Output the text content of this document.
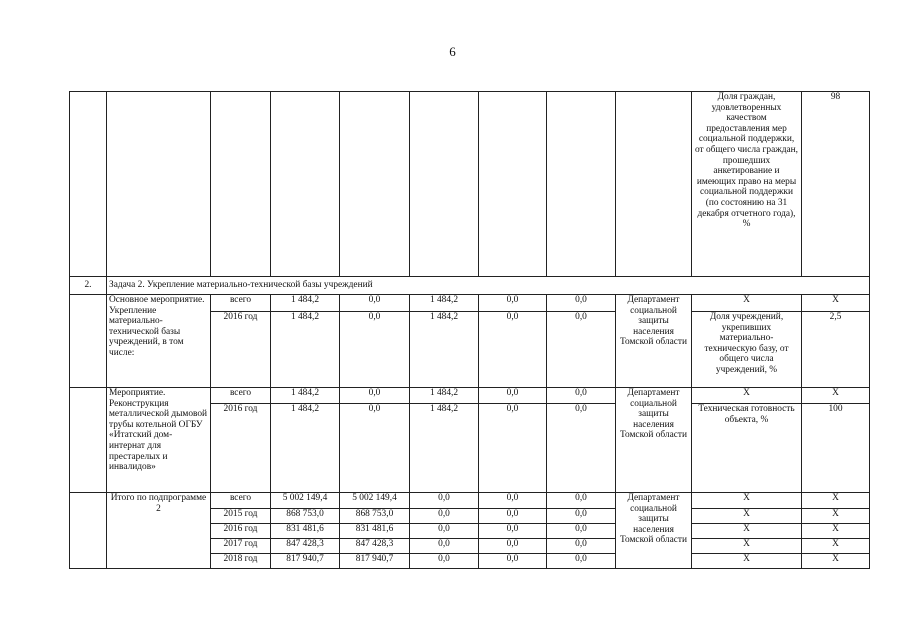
6
									Доля граждан, удовлетворенных качеством предоставления мер социальной поддержки, от общего числа граждан, прошедших анкетирование и имеющих право на меры социальной поддержки (по состоянию на 31 декабря отчетного года), %	98
2.	Задача 2. Укрепление материально-технической базы учреждений									
	Основное мероприятие. Укрепление материально-технической базы учреждений, в том числе:	всего	1 484,2	0,0	1 484,2	0,0	0,0	Департамент социальной защиты населения Томской области	Х	Х
		2016 год	1 484,2	0,0	1 484,2	0,0	0,0		Доля учреждений, укрепивших материально-техническую базу, от общего числа учреждений, %	2,5
	Мероприятие. Реконструкция металлической дымовой трубы котельной ОГБУ «Итатский дом-интернат для престарелых и инвалидов»	всего	1 484,2	0,0	1 484,2	0,0	0,0	Департамент социальной защиты населения Томской области	Х	Х
		2016 год	1 484,2	0,0	1 484,2	0,0	0,0		Техническая готовность объекта, %	100
	Итого по подпрограмме 2	всего	5 002 149,4	5 002 149,4	0,0	0,0	0,0	Департамент социальной защиты населения Томской области	Х	Х
		2015 год	868 753,0	868 753,0	0,0	0,0	0,0		Х	Х
		2016 год	831 481,6	831 481,6	0,0	0,0	0,0		Х	Х
		2017 год	847 428,3	847 428,3	0,0	0,0	0,0		Х	Х
		2018 год	817 940,7	817 940,7	0,0	0,0	0,0		Х	Х
